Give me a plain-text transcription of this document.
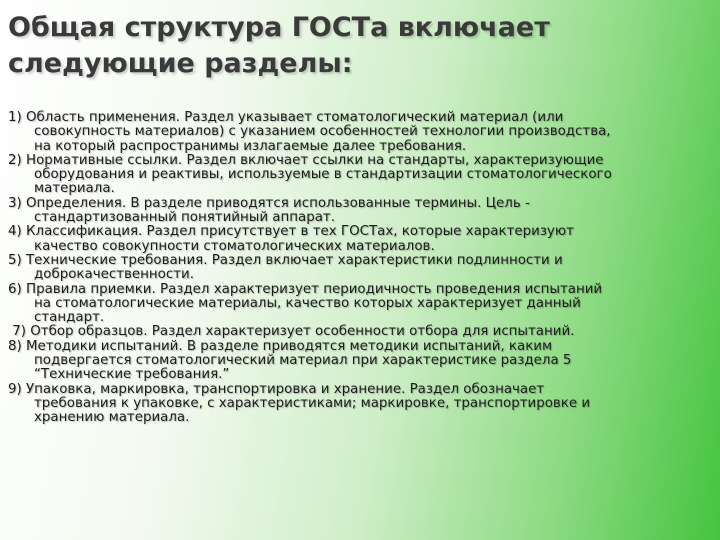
Общая структура ГОСТа включает
следующие разделы:
1) Область применения. Раздел указывает стоматологический материал (или
совокупность материалов) с указанием особенностей технологии производства,
на который распространимы излагаемые далее требования.
2) Нормативные ссылки. Раздел включает ссылки на стандарты, характеризующие
оборудования и реактивы, используемые в стандартизации стоматологического
материала.
3) Определения. В разделе приводятся использованные термины. Цель -
стандартизованный понятийный аппарат.
4) Классификация. Раздел присутствует в тех ГОСТах, которые характеризуют
качество совокупности стоматологических материалов.
5) Технические требования. Раздел включает характеристики подлинности и
доброкачественности.
6) Правила приемки. Раздел характеризует периодичность проведения испытаний
на стоматологические материалы, качество которых характеризует данный
стандарт.
7) Отбор образцов. Раздел характеризует особенности отбора для испытаний.
8) Методики испытаний. В разделе приводятся методики испытаний, каким
подвергается стоматологический материал при характеристике раздела 5
“Технические требования.”
9) Упаковка, маркировка, транспортировка и хранение. Раздел обозначает
требования к упаковке, с характеристиками; маркировке, транспортировке и
хранению материала.
